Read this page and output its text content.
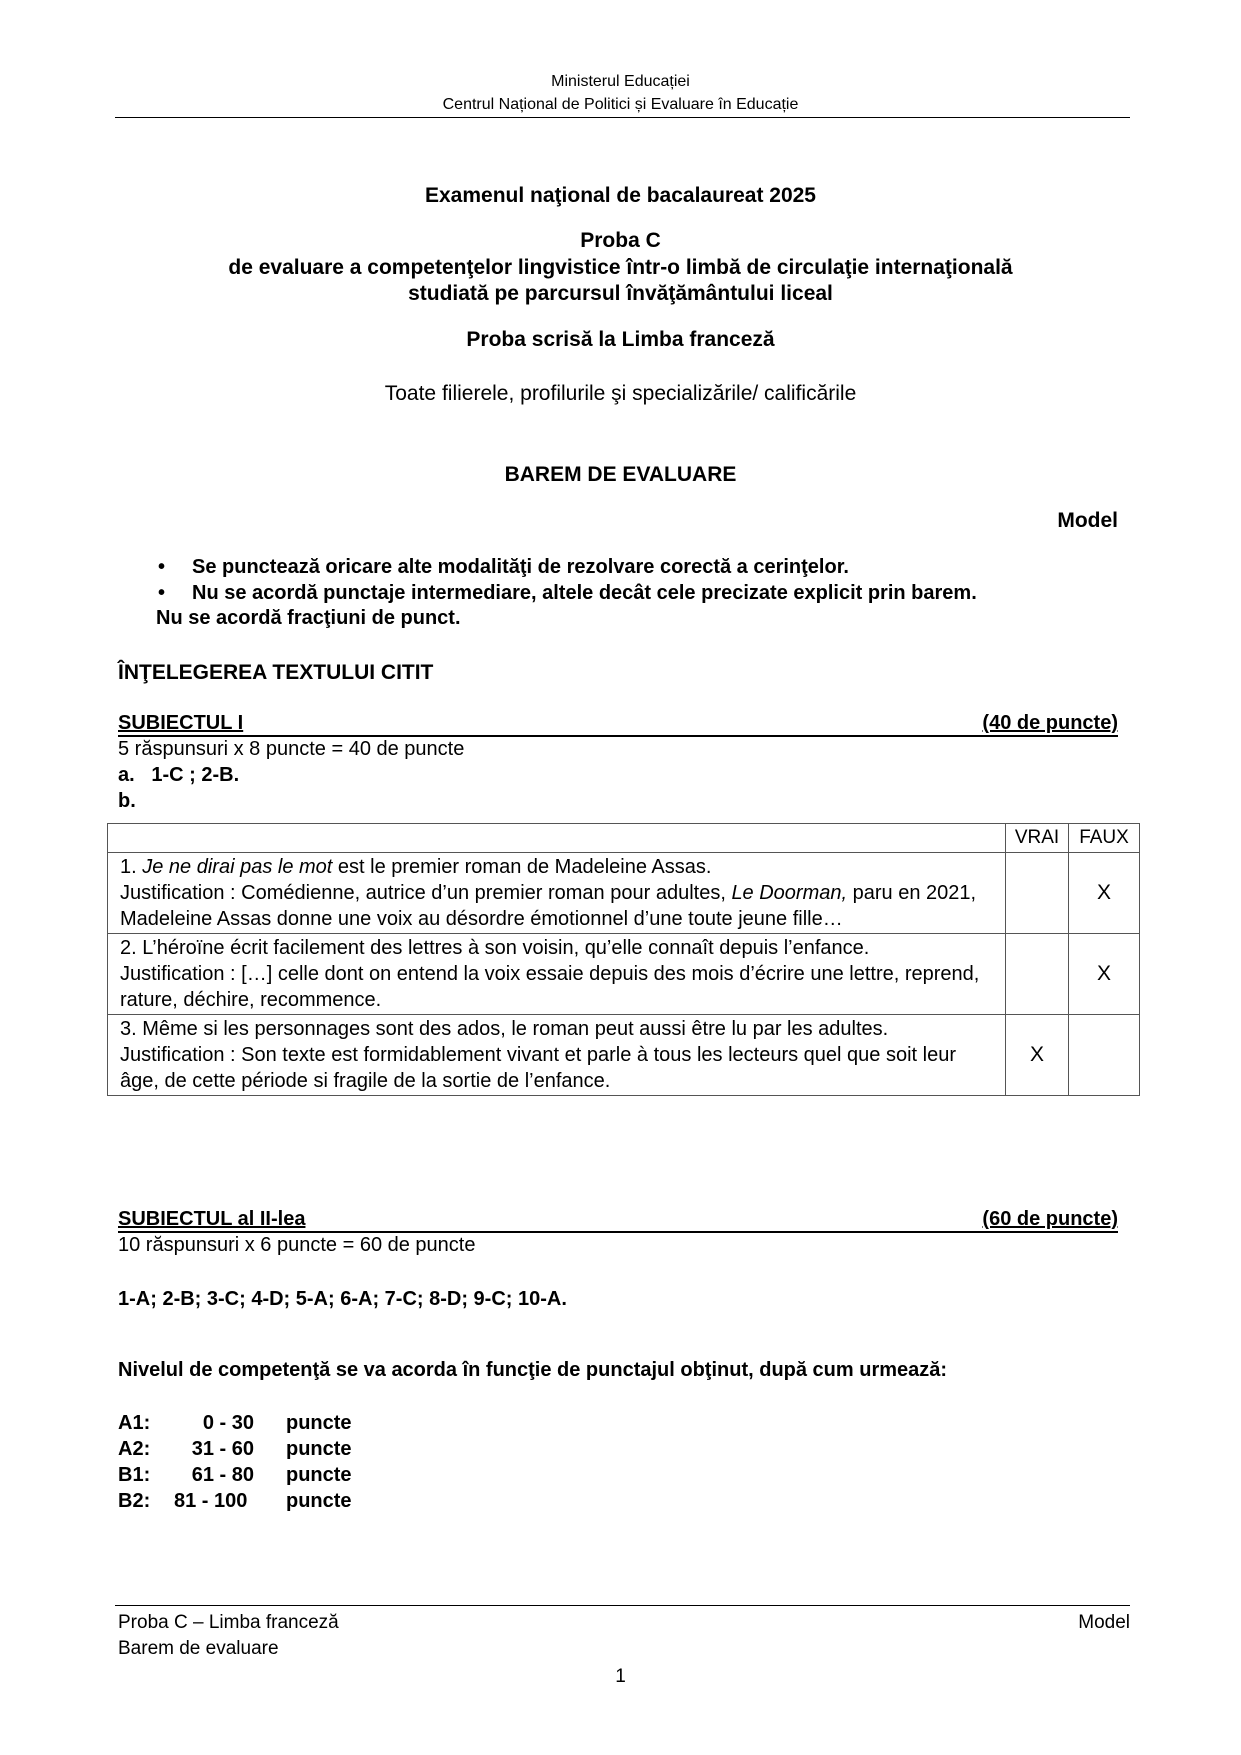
Ministerul Educației
Centrul Național de Politici și Evaluare în Educație
Examenul naţional de bacalaureat 2025
Proba C
de evaluare a competenţelor lingvistice într-o limbă de circulaţie internaţională
studiată pe parcursul învăţământului liceal
Proba scrisă la Limba franceză
Toate filierele, profilurile şi specializările/ calificările
BAREM DE EVALUARE
Model
• Se punctează oricare alte modalităţi de rezolvare corectă a cerinţelor.
• Nu se acordă punctaje intermediare, altele decât cele precizate explicit prin barem.
Nu se acordă fracţiuni de punct.
ÎNŢELEGEREA TEXTULUI CITIT
SUBIECTUL I	(40 de puncte)
5 răspunsuri x 8 puncte = 40 de puncte
a. 1-C ; 2-B.
b.
	VRAI	FAUX

1. Je ne dirai pas le mot est le premier roman de Madeleine Assas.
Justification : Comédienne, autrice d’un premier roman pour adultes, Le Doorman, paru en 2021, Madeleine Assas donne une voix au désordre émotionnel d’une toute jeune fille…		X

2. L’héroïne écrit facilement des lettres à son voisin, qu’elle connaît depuis l’enfance.
Justification : […] celle dont on entend la voix essaie depuis des mois d’écrire une lettre, reprend, rature, déchire, recommence.		X

3. Même si les personnages sont des ados, le roman peut aussi être lu par les adultes.
Justification : Son texte est formidablement vivant et parle à tous les lecteurs quel que soit leur âge, de cette période si fragile de la sortie de l’enfance.	X	
SUBIECTUL al II-lea	(60 de puncte)
10 răspunsuri x 6 puncte = 60 de puncte
1-A; 2-B; 3-C; 4-D; 5-A; 6-A; 7-C; 8-D; 9-C; 10-A.
Nivelul de competenţă se va acorda în funcţie de punctajul obţinut, după cum urmează:
A1:	0 - 30	puncte
A2:	31 - 60	puncte
B1:	61 - 80	puncte
B2:	81 - 100	puncte
Proba C – Limba franceză
Barem de evaluare
Model
1
